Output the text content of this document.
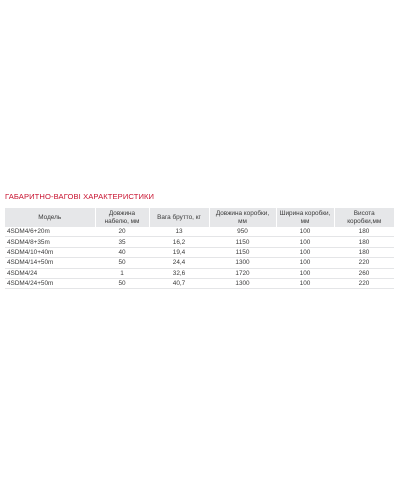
ГАБАРИТНО-ВАГОВІ ХАРАКТЕРИСТИКИ
Модель	Довжина набелю, мм	Вага брутто, кг	Довжина коробки, мм	Ширина коробки, мм	Висота коробки,мм
4SDM4/6+20m	20	13	950	100	180
4SDM4/8+35m	35	16,2	1150	100	180
4SDM4/10+40m	40	19,4	1150	100	180
4SDM4/14+50m	50	24,4	1300	100	220
4SDM4/24	1	32,6	1720	100	260
4SDM4/24+50m	50	40,7	1300	100	220
